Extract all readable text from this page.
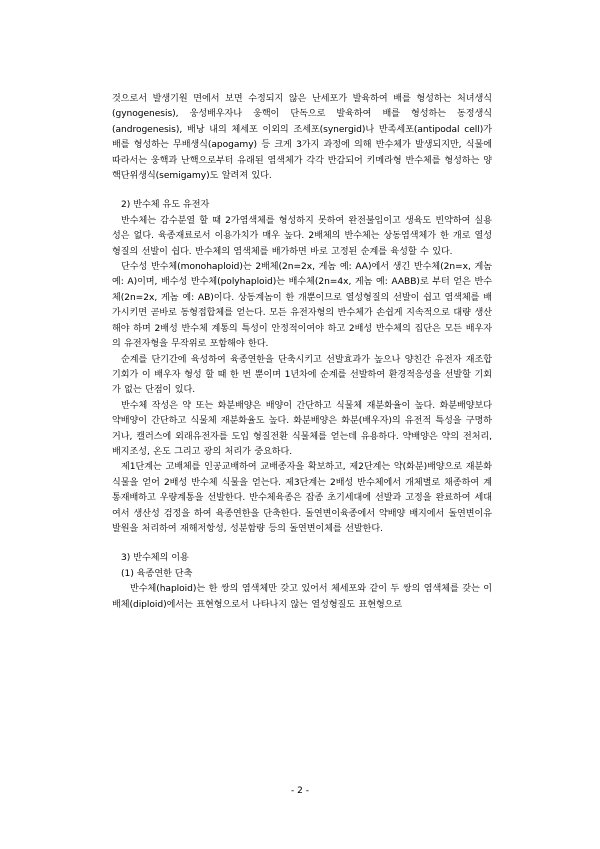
것으로서 발생기원 면에서 보면 수정되지 않은 난세포가 발육하여 배를 형성하는 처녀생식(gynogenesis), 웅성배우자나 웅핵이 단독으로 발육하여 배를 형성하는 동정생식(androgenesis), 배낭 내의 체세포 이외의 조세포(synergid)나 반족세포(antipodal cell)가 배를 형성하는 무배생식(apogamy) 등 크게 3가지 과정에 의해 반수체가 발생되지만, 식물에 따라서는 웅핵과 난핵으로부터 유래된 염색체가 각각 반감되어 키메라형 반수체를 형성하는 양핵단위생식(semigamy)도 알려져 있다.

2) 반수체 유도 유전자

반수체는 감수분열 할 때 2가염색체를 형성하지 못하여 완전불임이고 생육도 빈약하여 실용성은 없다. 육종재료로서 이용가치가 매우 높다. 2배체의 반수체는 상동염색체가 한 개로 열성형질의 선발이 쉽다. 반수체의 염색체를 배가하면 바로 고정된 순계를 육성할 수 있다.

단수성 반수체(monohaploid)는 2배체(2n=2x, 게놈 예: AA)에서 생긴 반수체(2n=x, 게놈 예: A)이며, 배수성 반수체(polyhaploid)는 배수체(2n=4x, 게놈 예: AABB)로 부터 얻은 반수체(2n=2x, 게놈 예: AB)이다. 상동계놈이 한 개뿐이므로 열성형질의 선발이 쉽고 염색체를 배가시키면 곧바로 동형접합체를 얻는다. 모든 유전자형의 반수체가 손쉽게 지속적으로 대량 생산 해야 하며 2배성 반수체 계통의 특성이 안정적이여야 하고 2배성 반수체의 집단은 모든 배우자의 유전자형을 무작위로 포함해야 한다.

순계를 단기간에 육성하여 육종연한을 단축시키고 선발효과가 높으나 양친간 유전자 재조합 기회가 이 배우자 형성 할 때 한 번 뿐이며 1년차에 순계를 선발하여 환경적응성을 선발할 기회가 없는 단점이 있다.

반수체 작성은 약 또는 화분배양은 배양이 간단하고 식물체 재분화율이 높다. 화분배양보다 약배양이 간단하고 식물체 재분화율도 높다. 화분배양은 화분(배우자)의 유전적 특성을 구명하거나, 캘러스에 외래유전자를 도입 형질전환 식물체를 얻는데 유용하다. 약배양은 약의 전처리, 배지조성, 온도 그리고 광의 처리가 중요하다.

제1단계는 고배체를 인공교배하여 교배종자을 확보하고, 제2단계는 약(화분)배양으로 재분화식물을 얻어 2배성 반수체 식물을 얻는다. 제3단계는 2배성 반수체에서 개체별로 채종하여 계통재배하고 우량계통을 선발한다. 반수체육종은 잡종 초기세대에 선발과 고정을 완료하여 세대여서 생산성 검정을 하여 육종연한을 단축한다. 돌연변이육종에서 약배양 배지에서 돌연변이유발원을 처리하여 재해저항성, 성분함량 등의 돌연변이체를 선발한다.

3) 반수체의 이용

(1) 육종연한 단축

반수체(haploid)는 한 쌍의 염색체만 갖고 있어서 체세포와 같이 두 쌍의 염색체를 갖는 이배체(diploid)에서는 표현형으로서 나타나지 않는 열성형질도 표현형으로

- 2 -
